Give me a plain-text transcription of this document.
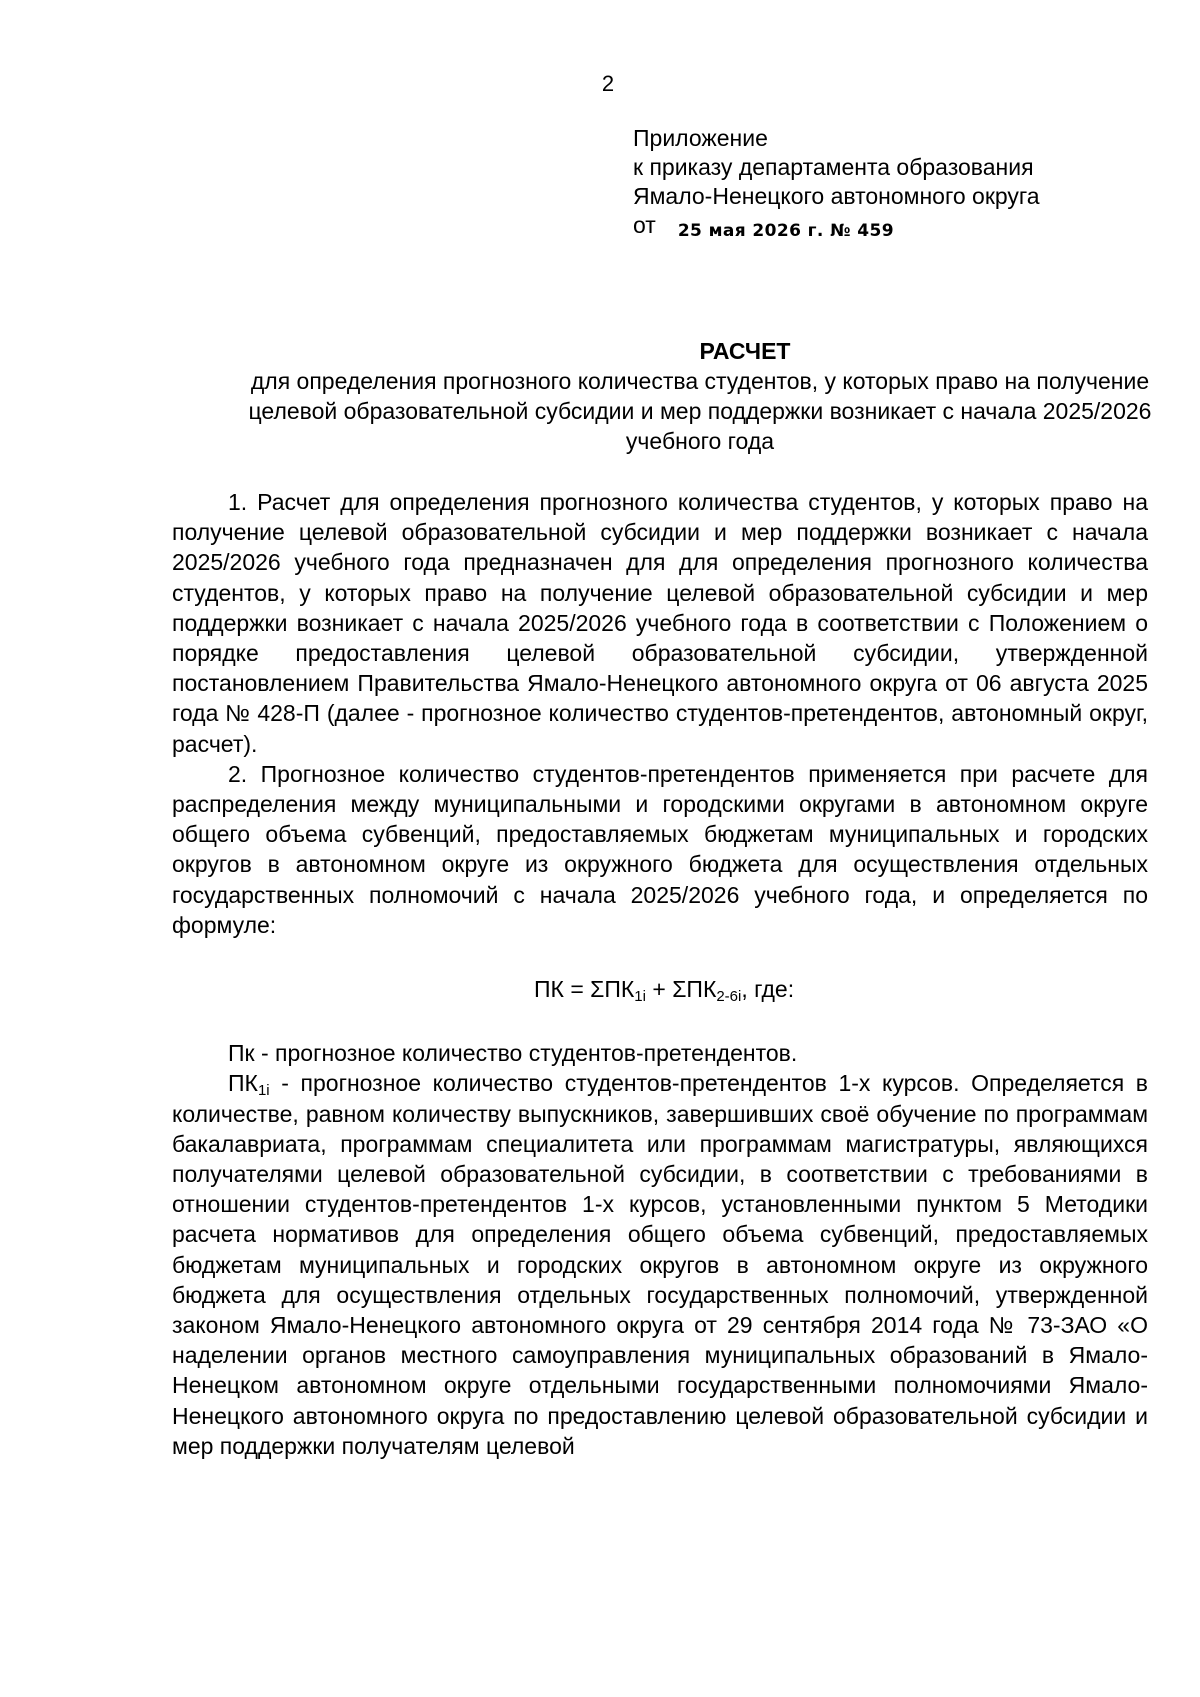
2
Приложение
к приказу департамента образования
Ямало-Ненецкого автономного округа
от 25 мая 2026 г. № 459
РАСЧЕТ
для определения прогнозного количества студентов, у которых право на получение целевой образовательной субсидии и мер поддержки возникает с начала 2025/2026 учебного года

1. Расчет для определения прогнозного количества студентов, у которых право на получение целевой образовательной субсидии и мер поддержки возникает с начала 2025/2026 учебного года предназначен для для определения прогнозного количества студентов, у которых право на получение целевой образовательной субсидии и мер поддержки возникает с начала 2025/2026 учебного года в соответствии с Положением о порядке предоставления целевой образовательной субсидии, утвержденной постановлением Правительства Ямало-Ненецкого автономного округа от 06 августа 2025 года № 428-П (далее - прогнозное количество студентов-претендентов, автономный округ, расчет).

2. Прогнозное количество студентов-претендентов применяется при расчете для распределения между муниципальными и городскими округами в автономном округе общего объема субвенций, предоставляемых бюджетам муниципальных и городских округов в автономном округе из окружного бюджета для осуществления отдельных государственных полномочий с начала 2025/2026 учебного года, и определяется по формуле:

ПК = $\Sigma ПК_{1i} + \Sigma ПК_{2-6i}$, где:

Пк - прогнозное количество студентов-претендентов.

$ПК_{1i}$ - прогнозное количество студентов-претендентов 1-х курсов. Определяется в количестве, равном количеству выпускников, завершивших своё обучение по программам бакалавриата, программам специалитета или программам магистратуры, являющихся получателями целевой образовательной субсидии, в соответствии с требованиями в отношении студентов-претендентов 1-х курсов, установленными пунктом 5 Методики расчета нормативов для определения общего объема субвенций, предоставляемых бюджетам муниципальных и городских округов в автономном округе из окружного бюджета для осуществления отдельных государственных полномочий, утвержденной законом Ямало-Ненецкого автономного округа от 29 сентября 2014 года № 73-ЗАО «О наделении органов местного самоуправления муниципальных образований в Ямало-Ненецком автономном округе отдельными государственными полномочиями Ямало-Ненецкого автономного округа по предоставлению целевой образовательной субсидии и мер поддержки получателям целевой
